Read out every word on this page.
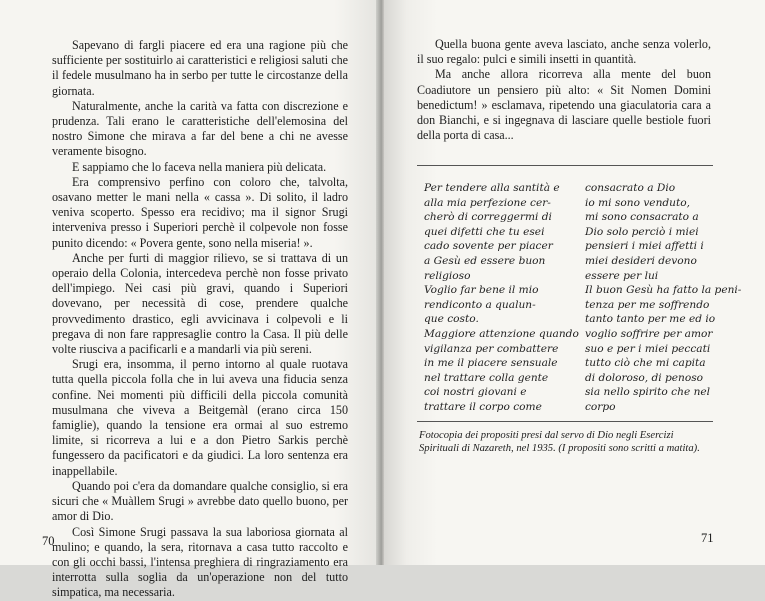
Sapevano di fargli piacere ed era una ragione più che sufficiente per sostituirlo ai caratteristici e religiosi saluti che il fedele musulmano ha in serbo per tutte le circostanze della giornata.

Naturalmente, anche la carità va fatta con discrezione e prudenza. Tali erano le caratteristiche dell'elemosina del nostro Simone che mirava a far del bene a chi ne avesse veramente bisogno.

E sappiamo che lo faceva nella maniera più delicata.

Era comprensivo perfino con coloro che, talvolta, osavano metter le mani nella « cassa ». Di solito, il ladro veniva scoperto. Spesso era recidivo; ma il signor Srugi interveniva presso i Superiori perchè il colpevole non fosse punito dicendo: « Povera gente, sono nella miseria! ».

Anche per furti di maggior rilievo, se si trattava di un operaio della Colonia, intercedeva perchè non fosse privato dell'impiego. Nei casi più gravi, quando i Superiori dovevano, per necessità di cose, prendere qualche provvedimento drastico, egli avvicinava i colpevoli e li pregava di non fare rappresaglie contro la Casa. Il più delle volte riusciva a pacificarli e a mandarli via più sereni.

Srugi era, insomma, il perno intorno al quale ruotava tutta quella piccola folla che in lui aveva una fiducia senza confine. Nei momenti più difficili della piccola comunità musulmana che viveva a Beitgemàl (erano circa 150 famiglie), quando la tensione era ormai al suo estremo limite, si ricorreva a lui e a don Pietro Sarkis perchè fungessero da pacificatori e da giudici. La loro sentenza era inappellabile.

Quando poi c'era da domandare qualche consiglio, si era sicuri che « Muàllem Srugi » avrebbe dato quello buono, per amor di Dio.

Così Simone Srugi passava la sua laboriosa giornata al mulino; e quando, la sera, ritornava a casa tutto raccolto e con gli occhi bassi, l'intensa preghiera di ringraziamento era interrotta sulla soglia da un'operazione non del tutto simpatica, ma necessaria.

70

Quella buona gente aveva lasciato, anche senza volerlo, il suo regalo: pulci e simili insetti in quantità.

Ma anche allora ricorreva alla mente del buon Coadiutore un pensiero più alto: « Sit Nomen Domini benedictum! » esclamava, ripetendo una giaculatoria cara a don Bianchi, e si ingegnava di lasciare quelle bestiole fuori della porta di casa...

Per tendere alla santità e
alla mia perfezione cer-
cherò di correggermi di
quei difetti che tu esei
cado sovente per piacer
a Gesù ed essere buon
religioso
Voglio far bene il mio
rendiconto a qualun-
que costo.
Maggiore attenzione quando
vigilanza per combattere
in me il piacere sensuale
nel trattare colla gente
coi nostri giovani e
trattare il corpo come
consacrato a Dio
io mi sono venduto,
mi sono consacrato a
Dio solo perciò i miei
pensieri i miei affetti i
miei desideri devono
essere per lui
Il buon Gesù ha fatto la
tenza per me soffrendo
tanto tanto per me ed io
voglio soffrire per amor
suo e per i miei peccati
tutto ciò che mi capita
di doloroso, di penoso
sia nello spirito che nel
corpo
Fotocopia dei propositi presi dal servo di Dio negli Esercizi Spirituali di Nazareth, nel 1935. (I propositi sono scritti a matita).
71
